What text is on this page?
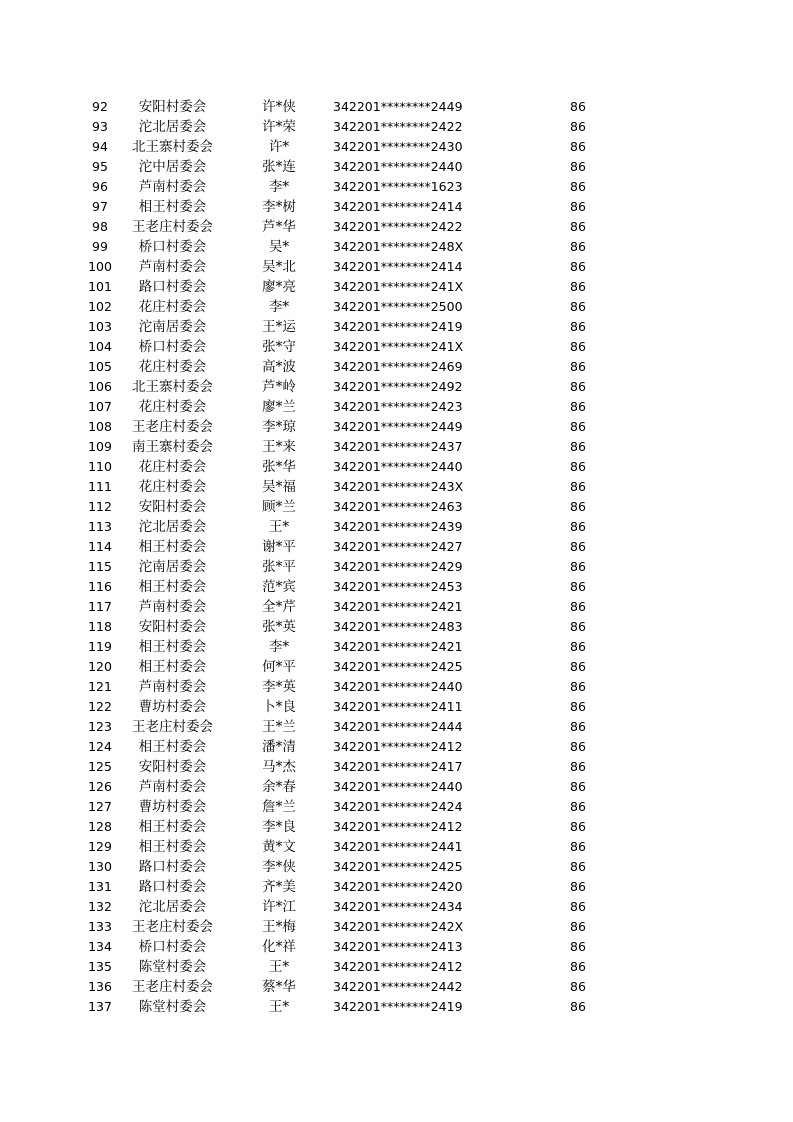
92	安阳村委会	许*侠	342201********2449	86
93	沱北居委会	许*荣	342201********2422	86
94	北王寨村委会	许*	342201********2430	86
95	沱中居委会	张*连	342201********2440	86
96	芦南村委会	李*	342201********1623	86
97	相王村委会	李*树	342201********2414	86
98	王老庄村委会	芦*华	342201********2422	86
99	桥口村委会	吴*	342201********248X	86
100	芦南村委会	吴*北	342201********2414	86
101	路口村委会	廖*亮	342201********241X	86
102	花庄村委会	李*	342201********2500	86
103	沱南居委会	王*运	342201********2419	86
104	桥口村委会	张*守	342201********241X	86
105	花庄村委会	高*波	342201********2469	86
106	北王寨村委会	芦*岭	342201********2492	86
107	花庄村委会	廖*兰	342201********2423	86
108	王老庄村委会	李*琼	342201********2449	86
109	南王寨村委会	王*来	342201********2437	86
110	花庄村委会	张*华	342201********2440	86
111	花庄村委会	吴*福	342201********243X	86
112	安阳村委会	顾*兰	342201********2463	86
113	沱北居委会	王*	342201********2439	86
114	相王村委会	谢*平	342201********2427	86
115	沱南居委会	张*平	342201********2429	86
116	相王村委会	范*宾	342201********2453	86
117	芦南村委会	全*芹	342201********2421	86
118	安阳村委会	张*英	342201********2483	86
119	相王村委会	李*	342201********2421	86
120	相王村委会	何*平	342201********2425	86
121	芦南村委会	李*英	342201********2440	86
122	曹坊村委会	卜*良	342201********2411	86
123	王老庄村委会	王*兰	342201********2444	86
124	相王村委会	潘*清	342201********2412	86
125	安阳村委会	马*杰	342201********2417	86
126	芦南村委会	余*春	342201********2440	86
127	曹坊村委会	詹*兰	342201********2424	86
128	相王村委会	李*良	342201********2412	86
129	相王村委会	黄*文	342201********2441	86
130	路口村委会	李*侠	342201********2425	86
131	路口村委会	齐*美	342201********2420	86
132	沱北居委会	许*江	342201********2434	86
133	王老庄村委会	王*梅	342201********242X	86
134	桥口村委会	化*祥	342201********2413	86
135	陈堂村委会	王*	342201********2412	86
136	王老庄村委会	蔡*华	342201********2442	86
137	陈堂村委会	王*	342201********2419	86
